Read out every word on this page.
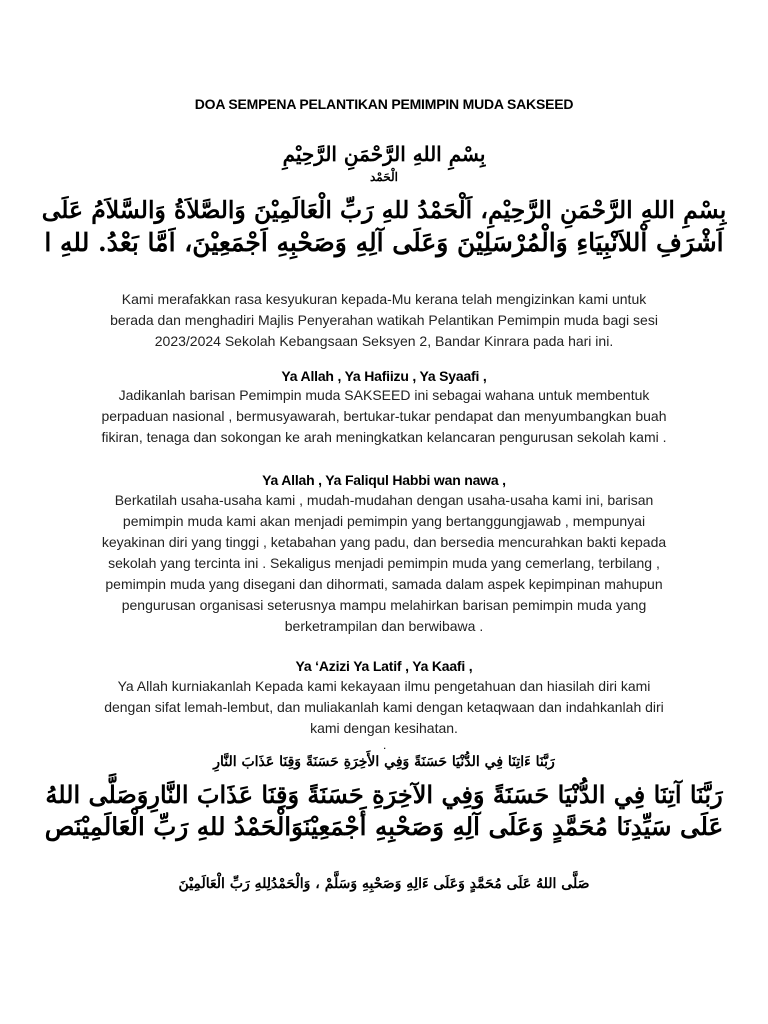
DOA SEMPENA PELANTIKAN PEMIMPIN MUDA SAKSEED
بِسْمِ اللهِ الرَّحْمَنِ الرَّحِيْمِ
الْحَمْد
بِسْمِ اللهِ الرَّحْمَنِ الرَّحِيْمِ، اَلْحَمْدُ للهِ رَبِّ الْعَالَمِيْنَ وَالصَّلاَةُ وَالسَّلاَمُ عَلَى
اَشْرَفِ اْللاَنْبِيَاءِ وَالْمُرْسَلِيْنَ وَعَلَى آلِهِ وَصَحْبِهِ اَجْمَعِيْنَ، اَمَّا بَعْدُ. للهِ ا
Kami merafakkan rasa kesyukuran kepada-Mu kerana telah mengizinkan kami untuk
berada dan menghadiri Majlis Penyerahan watikah Pelantikan Pemimpin muda bagi sesi
2023/2024 Sekolah Kebangsaan Seksyen 2, Bandar Kinrara pada hari ini.
Ya Allah , Ya Hafiizu , Ya Syaafi ,
Jadikanlah barisan Pemimpin muda SAKSEED ini sebagai wahana untuk membentuk
perpaduan nasional , bermusyawarah, bertukar-tukar pendapat dan menyumbangkan buah
fikiran, tenaga dan sokongan ke arah meningkatkan kelancaran pengurusan sekolah kami .
Ya Allah , Ya Faliqul Habbi wan nawa ,
Berkatilah usaha-usaha kami , mudah-mudahan dengan usaha-usaha kami ini, barisan
pemimpin muda kami akan menjadi pemimpin yang bertanggungjawab , mempunyai
keyakinan diri yang tinggi , ketabahan yang padu, dan bersedia mencurahkan bakti kepada
sekolah yang tercinta ini . Sekaligus menjadi pemimpin muda yang cemerlang, terbilang ,
pemimpin muda yang disegani dan dihormati, samada dalam aspek kepimpinan mahupun
pengurusan organisasi seterusnya mampu melahirkan barisan pemimpin muda yang
berketrampilan dan berwibawa .
Ya ‘Azizi Ya Latif , Ya Kaafi ,
Ya Allah kurniakanlah Kepada kami kekayaan ilmu pengetahuan dan hiasilah diri kami
dengan sifat lemah-lembut, dan muliakanlah kami dengan ketaqwaan dan indahkanlah diri
kami dengan kesihatan.
.
رَبَّنَا ءَاتِنَا فِي الدُّنْيَا حَسَنَةً وَفِي الأَخِرَةِ حَسَنَةً وَقِنَا عَذَابَ النَّارِ
رَبَّنَا آتِنَا فِي الدُّنْيَا حَسَنَةً وَفِي الآخِرَةِ حَسَنَةً وَقِنَا عَذَابَ النَّارِوَصَلَّى اللهُ
عَلَى سَيِّدِنَا مُحَمَّدٍ وَعَلَى آلِهِ وَصَحْبِهِ أَجْمَعِيْنَوَالْحَمْدُ للهِ رَبِّ الْعَالَمِيْنَص
صَلَّى اللهُ عَلَى مُحَمَّدٍ وَعَلَى ءَالِهِ وَصَحْبِهِ وَسَلَّمْ ، وَالْحَمْدُلِلهِ رَبِّ الْعَالَمِيْنَ
